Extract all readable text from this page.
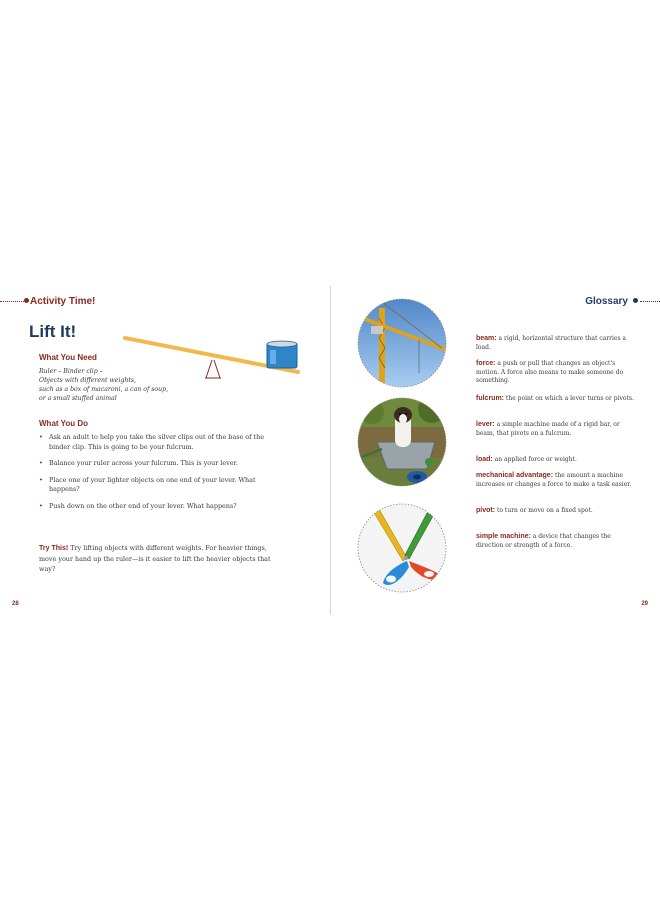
Activity Time!
Lift It!
What You Need
Ruler – Binder clip –
Objects with different weights,
such as a box of macaroni, a can of soup,
or a small stuffed animal
What You Do
• Ask an adult to help you take the silver clips out of the base of the binder clip. This is going to be your fulcrum.
• Balance your ruler across your fulcrum. This is your lever.
• Place one of your lighter objects on one end of your lever. What happens?
• Push down on the other end of your lever. What happens?
Try This! Try lifting objects with different weights. For heavier things, move your hand up the ruler—is it easier to lift the heavier objects that way?
28
Glossary
29
beam: a rigid, horizontal structure that carries a load.
force: a push or pull that changes an object's motion. A force also means to make someone do something.
fulcrum: the point on which a lever turns or pivots.
lever: a simple machine made of a rigid bar, or beam, that pivots on a fulcrum.
load: an applied force or weight.
mechanical advantage: the amount a machine increases or changes a force to make a task easier.
pivot: to turn or move on a fixed spot.
simple machine: a device that changes the direction or strength of a force.
